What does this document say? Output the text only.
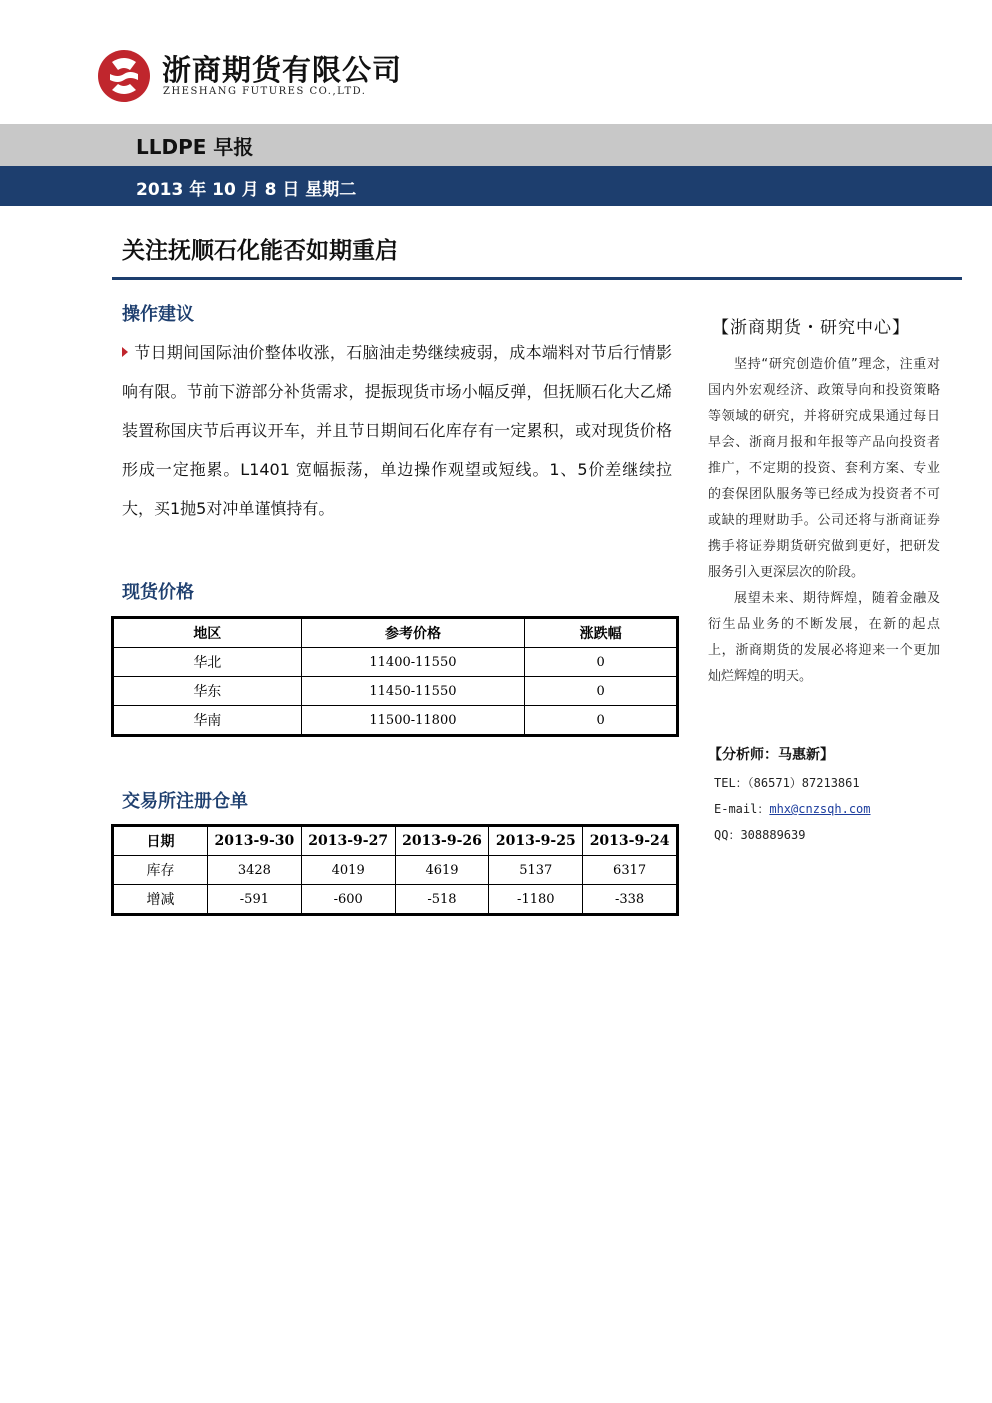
浙商期货有限公司
ZHESHANG FUTURES CO.,LTD.
LLDPE 早报
2013 年 10 月 8 日 星期二
关注抚顺石化能否如期重启
操作建议
节日期间国际油价整体收涨，石脑油走势继续疲弱，成本端料对节后行情影响有限。节前下游部分补货需求，提振现货市场小幅反弹，但抚顺石化大乙烯装置称国庆节后再议开车，并且节日期间石化库存有一定累积，或对现货价格形成一定拖累。L1401 宽幅振荡，单边操作观望或短线。1、5价差继续拉大，买1抛5对冲单谨慎持有。
现货价格
地区	参考价格	涨跌幅
华北	11400-11550	0
华东	11450-11550	0
华南	11500-11800	0
交易所注册仓单
日期	2013-9-30	2013-9-27	2013-9-26	2013-9-25	2013-9-24
库存	3428	4019	4619	5137	6317
增减	-591	-600	-518	-1180	-338
【浙商期货・研究中心】

坚持“研究创造价值”理念，注重对国内外宏观经济、政策导向和投资策略等领域的研究，并将研究成果通过每日早会、浙商月报和年报等产品向投资者推广，不定期的投资、套利方案、专业的套保团队服务等已经成为投资者不可或缺的理财助手。公司还将与浙商证券携手将证券期货研究做到更好，把研发服务引入更深层次的阶段。

展望未来、期待辉煌，随着金融及衍生品业务的不断发展，在新的起点上，浙商期货的发展必将迎来一个更加灿烂辉煌的明天。

【分析师：马惠新】
TEL：（86571）87213861
E-mail：mhx@cnzsqh.com
QQ：308889639
